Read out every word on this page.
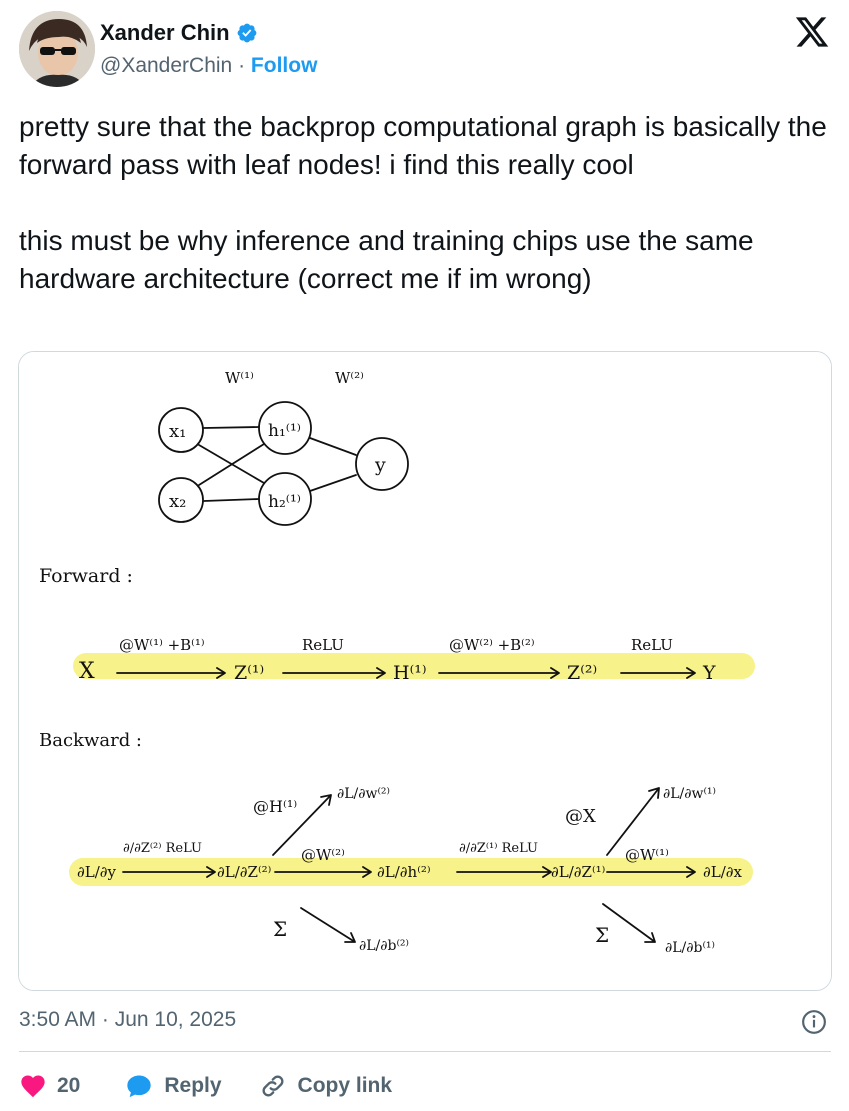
Xander Chin
@XanderChin · Follow

pretty sure that the backprop computational graph is basically the forward pass with leaf nodes! i find this really cool

this must be why inference and training chips use the same hardware architecture (correct me if im wrong)

W⁽¹⁾	W⁽²⁾
x₁
x₂
h₁⁽¹⁾
h₂⁽¹⁾
y
Forward :
X
@W⁽¹⁾ +B⁽¹⁾
Z⁽¹⁾
ReLU
H⁽¹⁾
@W⁽²⁾ +B⁽²⁾
Z⁽²⁾
ReLU
Y
Backward :
∂L/∂y
∂/∂Z⁽²⁾ ReLU
∂L/∂Z⁽²⁾
@W⁽²⁾
∂L/∂h⁽²⁾
∂/∂Z⁽¹⁾ ReLU
∂L/∂Z⁽¹⁾
@W⁽¹⁾
∂L/∂x
@H⁽¹⁾
∂L/∂w⁽²⁾
Σ
∂L/∂b⁽²⁾
@X
∂L/∂w⁽¹⁾
Σ
∂L/∂b⁽¹⁾
3:50 AM · Jun 10, 2025
20	Reply	Copy link
